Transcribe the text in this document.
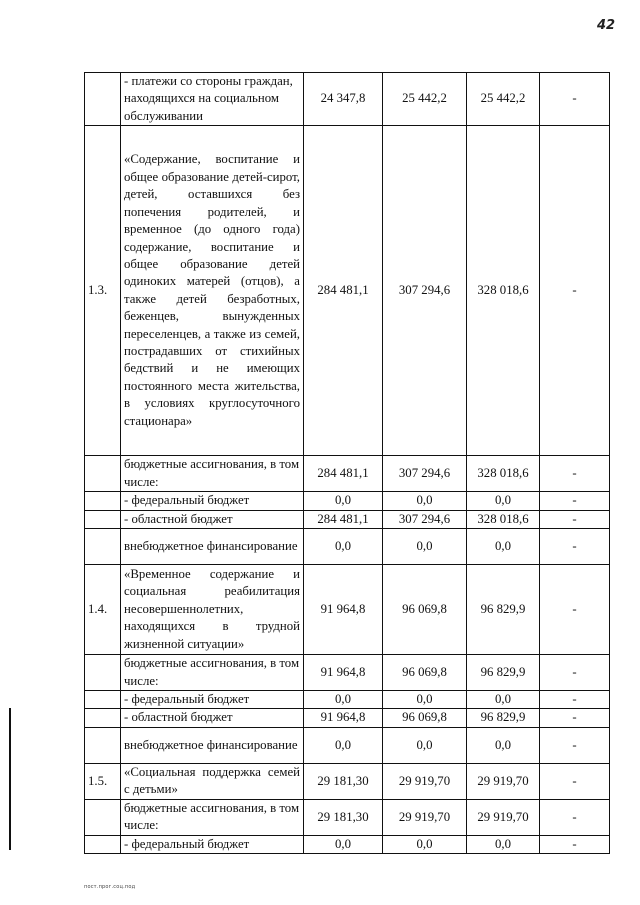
42
	- платежи со стороны граждан, находящихся на социальном обслуживании	24 347,8	25 442,2	25 442,2	-
1.3.	«Содержание, воспитание и общее образование детей-сирот, детей, оставшихся без попечения родителей, и временное (до одного года) содержание, воспитание и общее образование детей одиноких матерей (отцов), а также детей безработных, беженцев, вынужденных переселенцев, а также из семей, пострадавших от стихийных бедствий и не имеющих постоянного места жительства, в условиях круглосуточного стационара»	284 481,1	307 294,6	328 018,6	-
	бюджетные ассигнования, в том числе:	284 481,1	307 294,6	328 018,6	-
	- федеральный бюджет	0,0	0,0	0,0	-
	- областной бюджет	284 481,1	307 294,6	328 018,6	-
	внебюджетное финансирование	0,0	0,0	0,0	-
1.4.	«Временное содержание и социальная реабилитация несовершеннолетних, находящихся в трудной жизненной ситуации»	91 964,8	96 069,8	96 829,9	-
	бюджетные ассигнования, в том числе:	91 964,8	96 069,8	96 829,9	-
	- федеральный бюджет	0,0	0,0	0,0	-
	- областной бюджет	91 964,8	96 069,8	96 829,9	-
	внебюджетное финансирование	0,0	0,0	0,0	-
1.5.	«Социальная поддержка семей с детьми»	29 181,30	29 919,70	29 919,70	-
	бюджетные ассигнования, в том числе:	29 181,30	29 919,70	29 919,70	-
	- федеральный бюджет	0,0	0,0	0,0	-
пост.прог.соц.под
